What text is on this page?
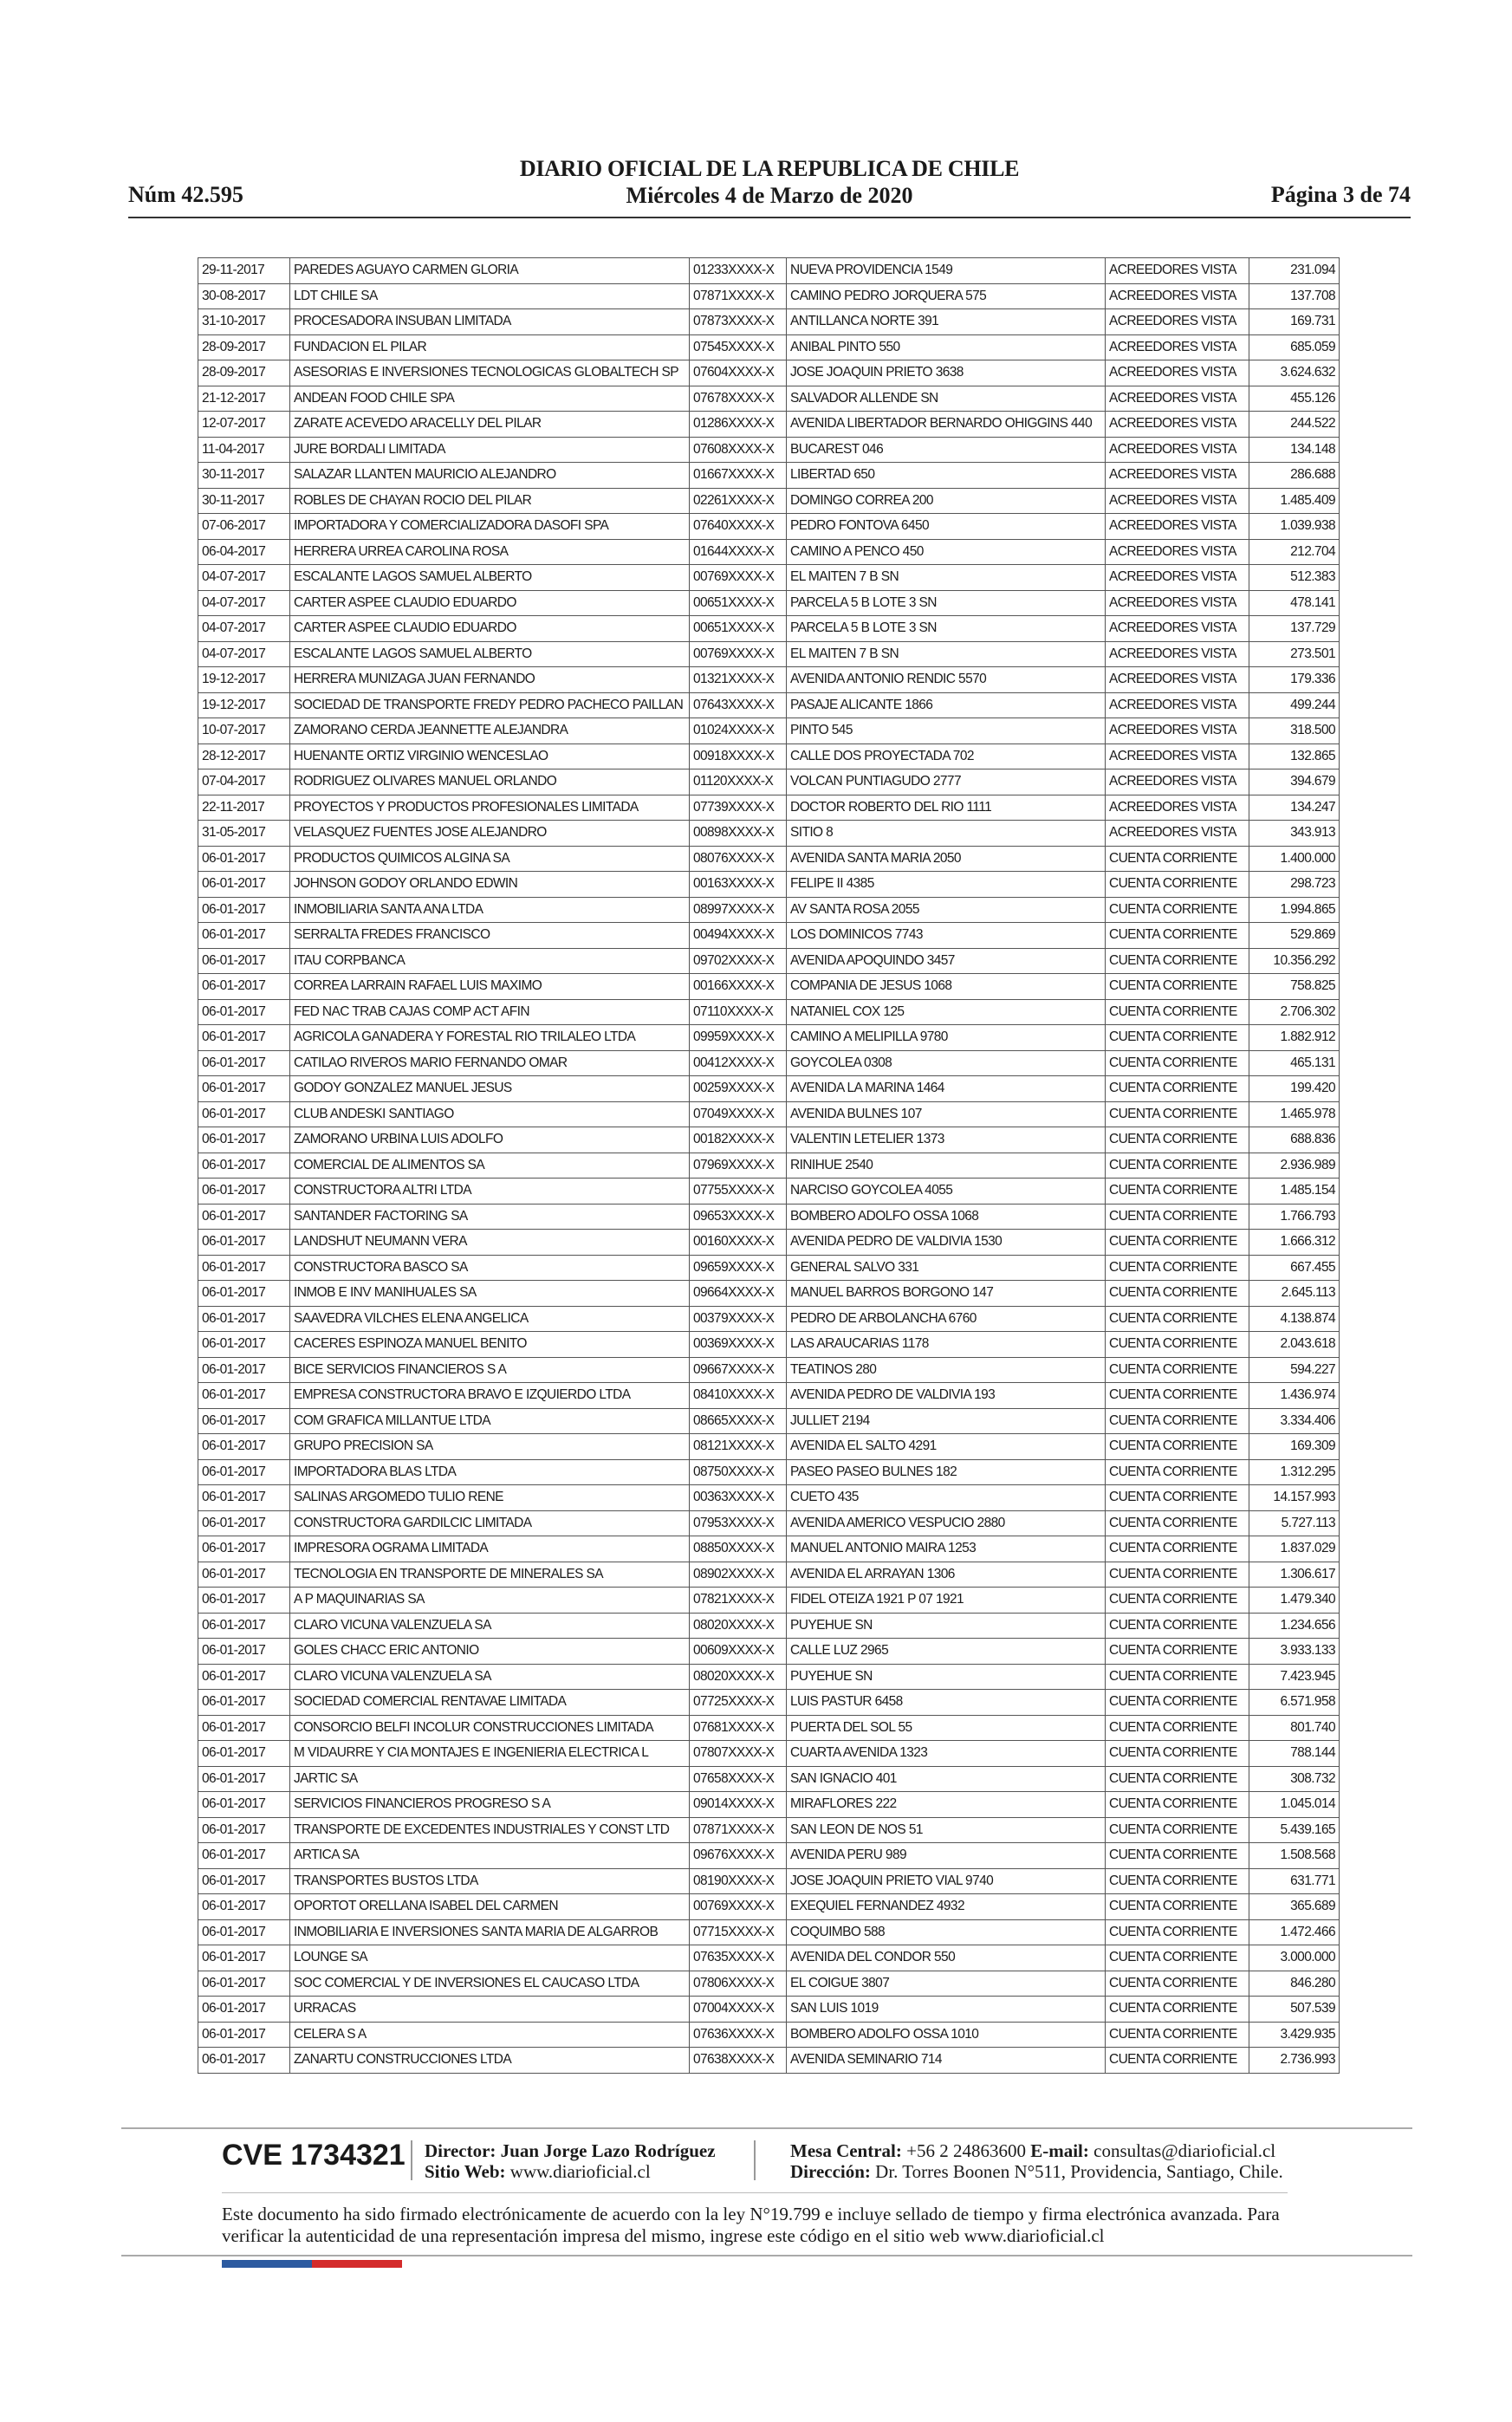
Núm 42.595
DIARIO OFICIAL DE LA REPUBLICA DE CHILE
Miércoles 4 de Marzo de 2020	Página 3 de 74
29-11-2017	PAREDES AGUAYO CARMEN GLORIA	01233XXXX-X	NUEVA PROVIDENCIA 1549	ACREEDORES VISTA	231.094
30-08-2017	LDT CHILE SA	07871XXXX-X	CAMINO PEDRO JORQUERA 575	ACREEDORES VISTA	137.708
31-10-2017	PROCESADORA INSUBAN LIMITADA	07873XXXX-X	ANTILLANCA NORTE 391	ACREEDORES VISTA	169.731
28-09-2017	FUNDACION EL PILAR	07545XXXX-X	ANIBAL PINTO 550	ACREEDORES VISTA	685.059
28-09-2017	ASESORIAS E INVERSIONES TECNOLOGICAS GLOBALTECH SP	07604XXXX-X	JOSE JOAQUIN PRIETO 3638	ACREEDORES VISTA	3.624.632
21-12-2017	ANDEAN FOOD CHILE SPA	07678XXXX-X	SALVADOR ALLENDE SN	ACREEDORES VISTA	455.126
12-07-2017	ZARATE ACEVEDO ARACELLY DEL PILAR	01286XXXX-X	AVENIDA LIBERTADOR BERNARDO OHIGGINS 440	ACREEDORES VISTA	244.522
11-04-2017	JURE BORDALI LIMITADA	07608XXXX-X	BUCAREST 046	ACREEDORES VISTA	134.148
30-11-2017	SALAZAR LLANTEN MAURICIO ALEJANDRO	01667XXXX-X	LIBERTAD 650	ACREEDORES VISTA	286.688
30-11-2017	ROBLES DE CHAYAN ROCIO DEL PILAR	02261XXXX-X	DOMINGO CORREA 200	ACREEDORES VISTA	1.485.409
07-06-2017	IMPORTADORA Y COMERCIALIZADORA DASOFI SPA	07640XXXX-X	PEDRO FONTOVA 6450	ACREEDORES VISTA	1.039.938
06-04-2017	HERRERA URREA CAROLINA ROSA	01644XXXX-X	CAMINO A PENCO 450	ACREEDORES VISTA	212.704
04-07-2017	ESCALANTE LAGOS SAMUEL ALBERTO	00769XXXX-X	EL MAITEN 7 B SN	ACREEDORES VISTA	512.383
04-07-2017	CARTER ASPEE CLAUDIO EDUARDO	00651XXXX-X	PARCELA 5 B LOTE 3 SN	ACREEDORES VISTA	478.141
04-07-2017	CARTER ASPEE CLAUDIO EDUARDO	00651XXXX-X	PARCELA 5 B LOTE 3 SN	ACREEDORES VISTA	137.729
04-07-2017	ESCALANTE LAGOS SAMUEL ALBERTO	00769XXXX-X	EL MAITEN 7 B SN	ACREEDORES VISTA	273.501
19-12-2017	HERRERA MUNIZAGA JUAN FERNANDO	01321XXXX-X	AVENIDA ANTONIO RENDIC 5570	ACREEDORES VISTA	179.336
19-12-2017	SOCIEDAD DE TRANSPORTE FREDY PEDRO PACHECO PAILLAN	07643XXXX-X	PASAJE ALICANTE 1866	ACREEDORES VISTA	499.244
10-07-2017	ZAMORANO CERDA JEANNETTE ALEJANDRA	01024XXXX-X	PINTO 545	ACREEDORES VISTA	318.500
28-12-2017	HUENANTE ORTIZ VIRGINIO WENCESLAO	00918XXXX-X	CALLE DOS PROYECTADA 702	ACREEDORES VISTA	132.865
07-04-2017	RODRIGUEZ OLIVARES MANUEL ORLANDO	01120XXXX-X	VOLCAN PUNTIAGUDO 2777	ACREEDORES VISTA	394.679
22-11-2017	PROYECTOS Y PRODUCTOS PROFESIONALES LIMITADA	07739XXXX-X	DOCTOR ROBERTO DEL RIO 1111	ACREEDORES VISTA	134.247
31-05-2017	VELASQUEZ FUENTES JOSE ALEJANDRO	00898XXXX-X	SITIO 8	ACREEDORES VISTA	343.913
06-01-2017	PRODUCTOS QUIMICOS ALGINA SA	08076XXXX-X	AVENIDA SANTA MARIA 2050	CUENTA CORRIENTE	1.400.000
06-01-2017	JOHNSON GODOY ORLANDO EDWIN	00163XXXX-X	FELIPE II 4385	CUENTA CORRIENTE	298.723
06-01-2017	INMOBILIARIA SANTA ANA LTDA	08997XXXX-X	AV SANTA ROSA 2055	CUENTA CORRIENTE	1.994.865
06-01-2017	SERRALTA FREDES FRANCISCO	00494XXXX-X	LOS DOMINICOS 7743	CUENTA CORRIENTE	529.869
06-01-2017	ITAU CORPBANCA	09702XXXX-X	AVENIDA APOQUINDO 3457	CUENTA CORRIENTE	10.356.292
06-01-2017	CORREA LARRAIN RAFAEL LUIS MAXIMO	00166XXXX-X	COMPANIA DE JESUS 1068	CUENTA CORRIENTE	758.825
06-01-2017	FED NAC TRAB CAJAS COMP ACT AFIN	07110XXXX-X	NATANIEL COX 125	CUENTA CORRIENTE	2.706.302
06-01-2017	AGRICOLA GANADERA Y FORESTAL RIO TRILALEO LTDA	09959XXXX-X	CAMINO A MELIPILLA 9780	CUENTA CORRIENTE	1.882.912
06-01-2017	CATILAO RIVEROS MARIO FERNANDO OMAR	00412XXXX-X	GOYCOLEA 0308	CUENTA CORRIENTE	465.131
06-01-2017	GODOY GONZALEZ MANUEL JESUS	00259XXXX-X	AVENIDA LA MARINA 1464	CUENTA CORRIENTE	199.420
06-01-2017	CLUB ANDESKI SANTIAGO	07049XXXX-X	AVENIDA BULNES 107	CUENTA CORRIENTE	1.465.978
06-01-2017	ZAMORANO URBINA LUIS ADOLFO	00182XXXX-X	VALENTIN LETELIER 1373	CUENTA CORRIENTE	688.836
06-01-2017	COMERCIAL DE ALIMENTOS SA	07969XXXX-X	RINIHUE 2540	CUENTA CORRIENTE	2.936.989
06-01-2017	CONSTRUCTORA ALTRI LTDA	07755XXXX-X	NARCISO GOYCOLEA 4055	CUENTA CORRIENTE	1.485.154
06-01-2017	SANTANDER FACTORING SA	09653XXXX-X	BOMBERO ADOLFO OSSA 1068	CUENTA CORRIENTE	1.766.793
06-01-2017	LANDSHUT NEUMANN VERA	00160XXXX-X	AVENIDA PEDRO DE VALDIVIA 1530	CUENTA CORRIENTE	1.666.312
06-01-2017	CONSTRUCTORA BASCO SA	09659XXXX-X	GENERAL SALVO 331	CUENTA CORRIENTE	667.455
06-01-2017	INMOB E INV MANIHUALES SA	09664XXXX-X	MANUEL BARROS BORGONO 147	CUENTA CORRIENTE	2.645.113
06-01-2017	SAAVEDRA VILCHES ELENA ANGELICA	00379XXXX-X	PEDRO DE ARBOLANCHA 6760	CUENTA CORRIENTE	4.138.874
06-01-2017	CACERES ESPINOZA MANUEL BENITO	00369XXXX-X	LAS ARAUCARIAS 1178	CUENTA CORRIENTE	2.043.618
06-01-2017	BICE SERVICIOS FINANCIEROS S A	09667XXXX-X	TEATINOS 280	CUENTA CORRIENTE	594.227
06-01-2017	EMPRESA CONSTRUCTORA BRAVO E IZQUIERDO LTDA	08410XXXX-X	AVENIDA PEDRO DE VALDIVIA 193	CUENTA CORRIENTE	1.436.974
06-01-2017	COM GRAFICA MILLANTUE LTDA	08665XXXX-X	JULLIET 2194	CUENTA CORRIENTE	3.334.406
06-01-2017	GRUPO PRECISION SA	08121XXXX-X	AVENIDA EL SALTO 4291	CUENTA CORRIENTE	169.309
06-01-2017	IMPORTADORA BLAS LTDA	08750XXXX-X	PASEO PASEO BULNES 182	CUENTA CORRIENTE	1.312.295
06-01-2017	SALINAS ARGOMEDO TULIO RENE	00363XXXX-X	CUETO 435	CUENTA CORRIENTE	14.157.993
06-01-2017	CONSTRUCTORA GARDILCIC LIMITADA	07953XXXX-X	AVENIDA AMERICO VESPUCIO 2880	CUENTA CORRIENTE	5.727.113
06-01-2017	IMPRESORA OGRAMA LIMITADA	08850XXXX-X	MANUEL ANTONIO MAIRA 1253	CUENTA CORRIENTE	1.837.029
06-01-2017	TECNOLOGIA EN TRANSPORTE DE MINERALES SA	08902XXXX-X	AVENIDA EL ARRAYAN 1306	CUENTA CORRIENTE	1.306.617
06-01-2017	A P MAQUINARIAS SA	07821XXXX-X	FIDEL OTEIZA 1921 P 07 1921	CUENTA CORRIENTE	1.479.340
06-01-2017	CLARO VICUNA VALENZUELA SA	08020XXXX-X	PUYEHUE SN	CUENTA CORRIENTE	1.234.656
06-01-2017	GOLES CHACC ERIC ANTONIO	00609XXXX-X	CALLE LUZ 2965	CUENTA CORRIENTE	3.933.133
06-01-2017	CLARO VICUNA VALENZUELA SA	08020XXXX-X	PUYEHUE SN	CUENTA CORRIENTE	7.423.945
06-01-2017	SOCIEDAD COMERCIAL RENTAVAE LIMITADA	07725XXXX-X	LUIS PASTUR 6458	CUENTA CORRIENTE	6.571.958
06-01-2017	CONSORCIO BELFI INCOLUR CONSTRUCCIONES LIMITADA	07681XXXX-X	PUERTA DEL SOL 55	CUENTA CORRIENTE	801.740
06-01-2017	M VIDAURRE Y CIA MONTAJES E INGENIERIA ELECTRICA L	07807XXXX-X	CUARTA AVENIDA 1323	CUENTA CORRIENTE	788.144
06-01-2017	JARTIC SA	07658XXXX-X	SAN IGNACIO 401	CUENTA CORRIENTE	308.732
06-01-2017	SERVICIOS FINANCIEROS PROGRESO S A	09014XXXX-X	MIRAFLORES 222	CUENTA CORRIENTE	1.045.014
06-01-2017	TRANSPORTE DE EXCEDENTES INDUSTRIALES Y CONST LTD	07871XXXX-X	SAN LEON DE NOS 51	CUENTA CORRIENTE	5.439.165
06-01-2017	ARTICA SA	09676XXXX-X	AVENIDA PERU 989	CUENTA CORRIENTE	1.508.568
06-01-2017	TRANSPORTES BUSTOS LTDA	08190XXXX-X	JOSE JOAQUIN PRIETO VIAL 9740	CUENTA CORRIENTE	631.771
06-01-2017	OPORTOT ORELLANA ISABEL DEL CARMEN	00769XXXX-X	EXEQUIEL FERNANDEZ 4932	CUENTA CORRIENTE	365.689
06-01-2017	INMOBILIARIA E INVERSIONES SANTA MARIA DE ALGARROB	07715XXXX-X	COQUIMBO 588	CUENTA CORRIENTE	1.472.466
06-01-2017	LOUNGE SA	07635XXXX-X	AVENIDA DEL CONDOR 550	CUENTA CORRIENTE	3.000.000
06-01-2017	SOC COMERCIAL Y DE INVERSIONES EL CAUCASO LTDA	07806XXXX-X	EL COIGUE 3807	CUENTA CORRIENTE	846.280
06-01-2017	URRACAS	07004XXXX-X	SAN LUIS 1019	CUENTA CORRIENTE	507.539
06-01-2017	CELERA S A	07636XXXX-X	BOMBERO ADOLFO OSSA 1010	CUENTA CORRIENTE	3.429.935
06-01-2017	ZANARTU CONSTRUCCIONES LTDA	07638XXXX-X	AVENIDA SEMINARIO 714	CUENTA CORRIENTE	2.736.993
CVE 1734321 Director: Juan Jorge Lazo Rodríguez
Sitio Web: www.diarioficial.cl
Mesa Central: +56 2 24863600 E-mail: consultas@diarioficial.cl
Dirección: Dr. Torres Boonen N°511, Providencia, Santiago, Chile.
Este documento ha sido firmado electrónicamente de acuerdo con la ley N°19.799 e incluye sellado de tiempo y firma electrónica avanzada. Para verificar la autenticidad de una representación impresa del mismo, ingrese este código en el sitio web www.diarioficial.cl
